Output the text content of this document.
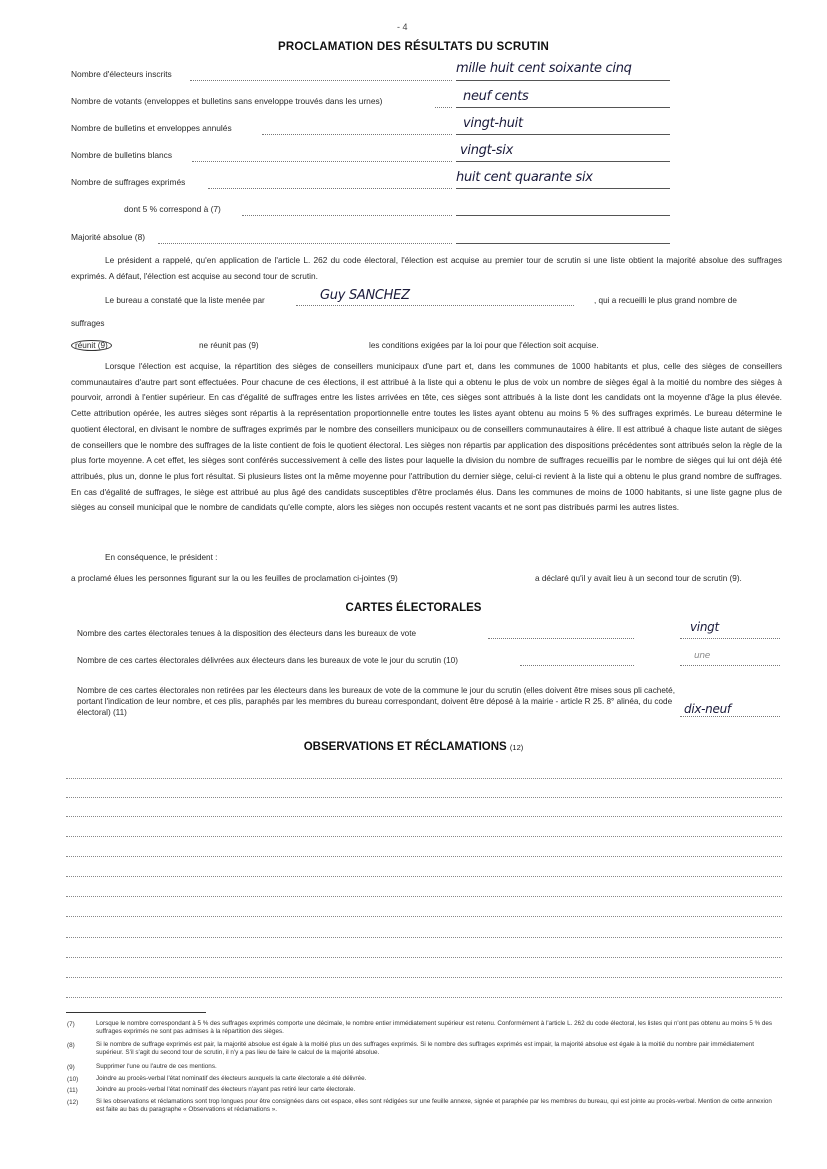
- 4
PROCLAMATION DES RÉSULTATS DU SCRUTIN
Nombre d'électeurs inscrits	mille huit cent soixante cinq
Nombre de votants (enveloppes et bulletins sans enveloppe trouvés dans les urnes)	neuf cents
Nombre de bulletins et enveloppes annulés	vingt-huit
Nombre de bulletins blancs	vingt-six
Nombre de suffrages exprimés	huit cent quarante six
dont 5 % correspond à (7)
Majorité absolue (8)
Le président a rappelé, qu'en application de l'article L. 262 du code électoral, l'élection est acquise au premier tour de scrutin si une liste obtient la majorité absolue des suffrages exprimés. A défaut, l'élection est acquise au second tour de scrutin.
Le bureau a constaté que la liste menée par	Guy SANCHEZ	, qui a recueilli le plus grand nombre de
suffrages
réunit (9)	ne réunit pas (9)	les conditions exigées par la loi pour que l'élection soit acquise.
Lorsque l'élection est acquise, la répartition des sièges de conseillers municipaux d'une part et, dans les communes de 1000 habitants et plus, celle des sièges de conseillers communautaires d'autre part sont effectuées. Pour chacune de ces élections, il est attribué à la liste qui a obtenu le plus de voix un nombre de sièges égal à la moitié du nombre des sièges à pourvoir, arrondi à l'entier supérieur. En cas d'égalité de suffrages entre les listes arrivées en tête, ces sièges sont attribués à la liste dont les candidats ont la moyenne d'âge la plus élevée. Cette attribution opérée, les autres sièges sont répartis à la représentation proportionnelle entre toutes les listes ayant obtenu au moins 5 % des suffrages exprimés. Le bureau détermine le quotient électoral, en divisant le nombre de suffrages exprimés par le nombre des conseillers municipaux ou de conseillers communautaires à élire. Il est attribué à chaque liste autant de sièges de conseillers que le nombre des suffrages de la liste contient de fois le quotient électoral. Les sièges non répartis par application des dispositions précédentes sont attribués selon la règle de la plus forte moyenne. A cet effet, les sièges sont conférés successivement à celle des listes pour laquelle la division du nombre de suffrages recueillis par le nombre de sièges qui lui ont déjà été attribués, plus un, donne le plus fort résultat. Si plusieurs listes ont la même moyenne pour l'attribution du dernier siège, celui-ci revient à la liste qui a obtenu le plus grand nombre de suffrages. En cas d'égalité de suffrages, le siège est attribué au plus âgé des candidats susceptibles d'être proclamés élus. Dans les communes de moins de 1000 habitants, si une liste gagne plus de sièges au conseil municipal que le nombre de candidats qu'elle compte, alors les sièges non occupés restent vacants et ne sont pas distribués parmi les autres listes.
En conséquence, le président :
a proclamé élues les personnes figurant sur la ou les feuilles de proclamation ci-jointes (9)	a déclaré qu'il y avait lieu à un second tour de scrutin (9).
CARTES ÉLECTORALES
Nombre des cartes électorales tenues à la disposition des électeurs dans les bureaux de vote	vingt
Nombre de ces cartes électorales délivrées aux électeurs dans les bureaux de vote le jour du scrutin (10)	une
Nombre de ces cartes électorales non retirées par les électeurs dans les bureaux de vote de la commune le jour du scrutin (elles doivent être mises sous pli cacheté, portant l'indication de leur nombre, et ces plis, paraphés par les membres du bureau correspondant, doivent être déposé à la mairie - article R 25. 8° alinéa, du code électoral) (11)	dix-neuf
OBSERVATIONS ET RÉCLAMATIONS (12)
(7)	Lorsque le nombre correspondant à 5 % des suffrages exprimés comporte une décimale, le nombre entier immédiatement supérieur est retenu. Conformément à l'article L. 262 du code électoral, les listes qui n'ont pas obtenu au moins 5 % des suffrages exprimés ne sont pas admises à la répartition des sièges.
(8)	Si le nombre de suffrage exprimés est pair, la majorité absolue est égale à la moitié plus un des suffrages exprimés. Si le nombre des suffrages exprimés est impair, la majorité absolue est égale à la moitié du nombre pair immédiatement supérieur. S'il s'agit du second tour de scrutin, il n'y a pas lieu de faire le calcul de la majorité absolue.
(9)	Supprimer l'une ou l'autre de ces mentions.
(10)	Joindre au procès-verbal l'état nominatif des électeurs auxquels la carte électorale a été délivrée.
(11)	Joindre au procès-verbal l'état nominatif des électeurs n'ayant pas retiré leur carte électorale.
(12)	Si les observations et réclamations sont trop longues pour être consignées dans cet espace, elles sont rédigées sur une feuille annexe, signée et paraphée par les membres du bureau, qui est jointe au procès-verbal. Mention de cette annexion est faite au bas du paragraphe « Observations et réclamations ».
